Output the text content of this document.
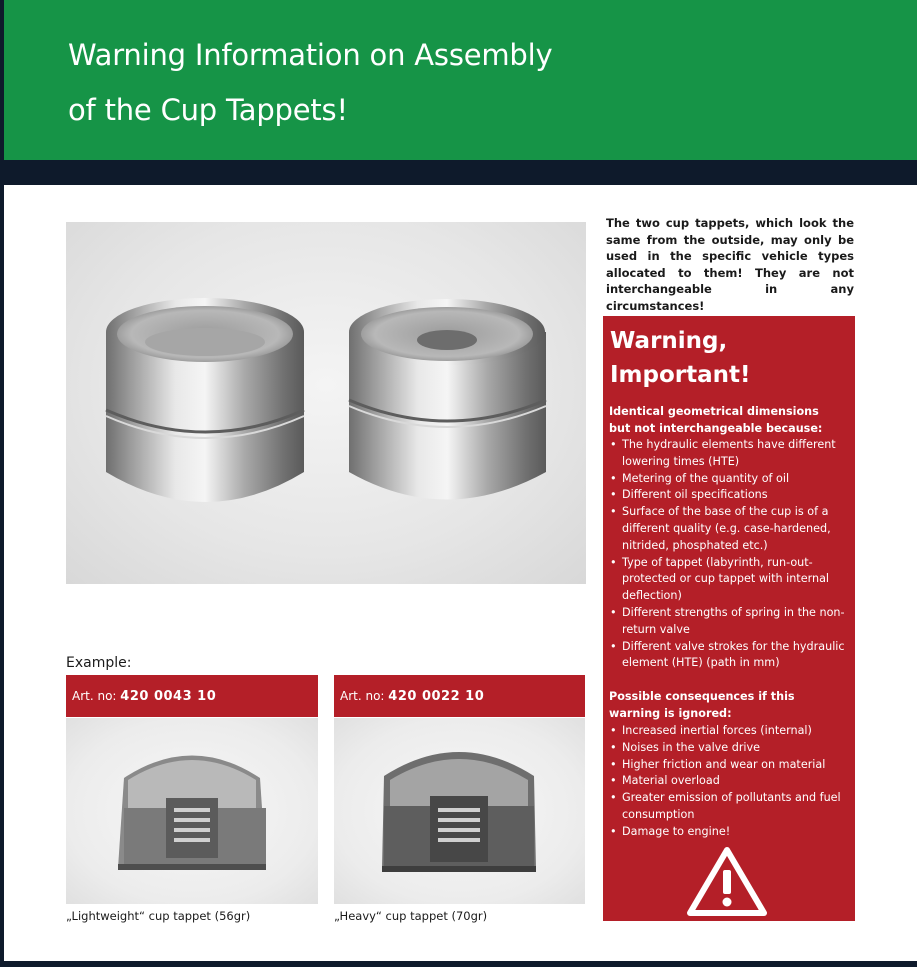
Warning Information on Assembly
of the Cup Tappets!
The two cup tappets, which look the same from the outside, may only be used in the specific vehicle types allocated to them! They are not interchangeable in any circumstances!
Warning,
Important!
Identical geometrical dimensions but not interchangeable because:
• The hydraulic elements have different lowering times (HTE)
• Metering of the quantity of oil
• Different oil specifications
• Surface of the base of the cup is of a different quality (e.g. case-hardened, nitrided, phosphated etc.)
• Type of tappet (labyrinth, run-out-protected or cup tappet with internal deflection)
• Different strengths of spring in the non-return valve
• Different valve strokes for the hydraulic element (HTE) (path in mm)
Possible consequences if this warning is ignored:
• Increased inertial forces (internal)
• Noises in the valve drive
• Higher friction and wear on material
• Material overload
• Greater emission of pollutants and fuel consumption
• Damage to engine!
Example:
Art. no: 420 0043 10	Art. no: 420 0022 10
„Lightweight“ cup tappet (56gr)	„Heavy“ cup tappet (70gr)
